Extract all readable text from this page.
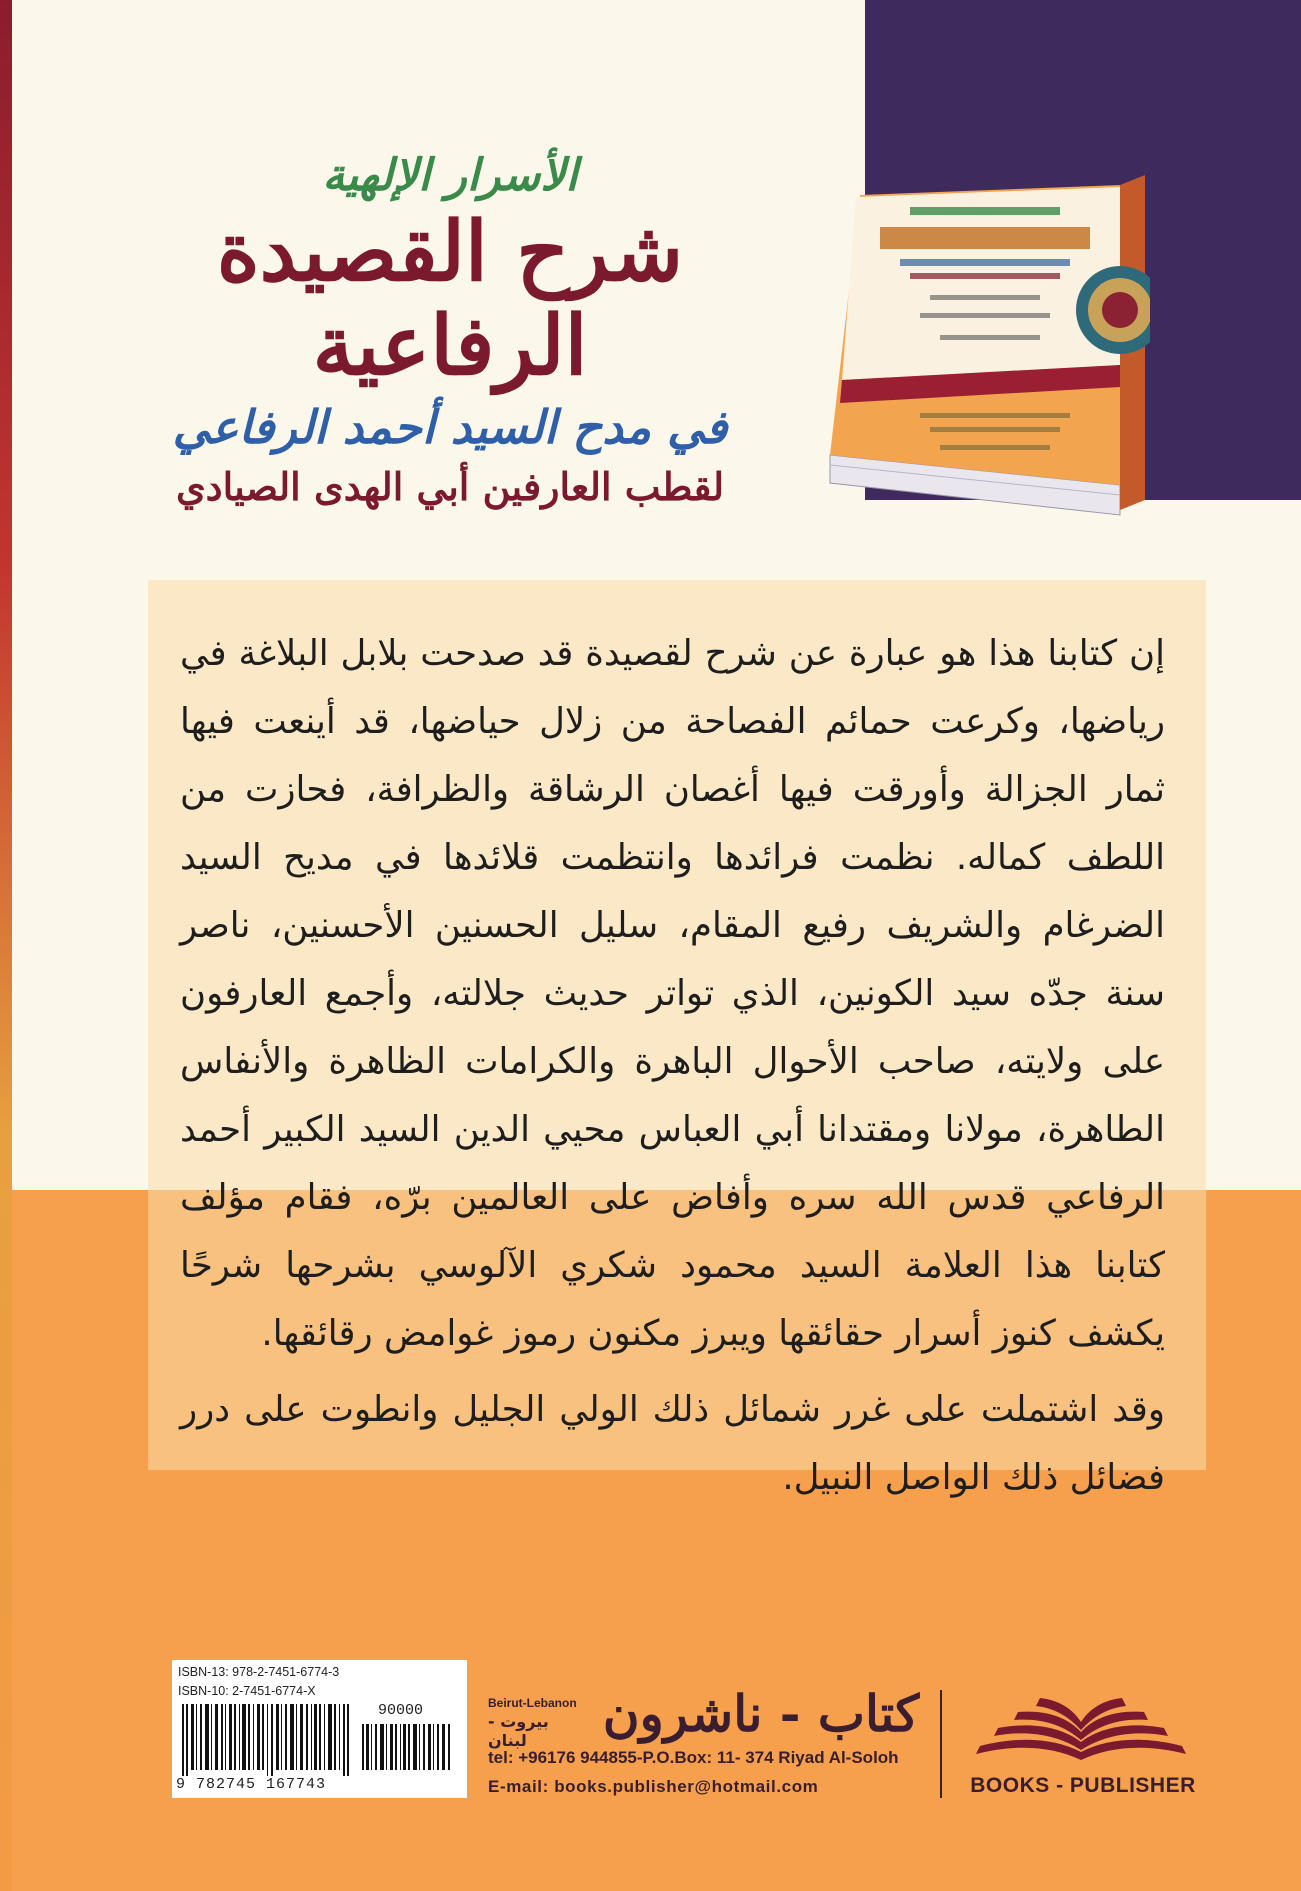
الأسرار الإلهية
شرح القصيدة الرفاعية
في مدح السيد أحمد الرفاعي
لقطب العارفين أبي الهدى الصيادي

إن كتابنا هذا هو عبارة عن شرح لقصيدة قد صدحت بلابل البلاغة في رياضها، وكرعت حمائم الفصاحة من زلال حياضها، قد أينعت فيها ثمار الجزالة وأورقت فيها أغصان الرشاقة والظرافة، فحازت من اللطف كماله. نظمت فرائدها وانتظمت قلائدها في مديح السيد الضرغام والشريف رفيع المقام، سليل الحسنين الأحسنين، ناصر سنة جدّه سيد الكونين، الذي تواتر حديث جلالته، وأجمع العارفون على ولايته، صاحب الأحوال الباهرة والكرامات الظاهرة والأنفاس الطاهرة، مولانا ومقتدانا أبي العباس محيي الدين السيد الكبير أحمد الرفاعي قدس الله سره وأفاض على العالمين برّه، فقام مؤلف كتابنا هذا العلامة السيد محمود شكري الآلوسي بشرحها شرحًا يكشف كنوز أسرار حقائقها ويبرز مكنون رموز غوامض رقائقها.

وقد اشتملت على غرر شمائل ذلك الولي الجليل وانطوت على درر فضائل ذلك الواصل النبيل.

ISBN-13: 978-2-7451-6774-3
ISBN-10: 2-7451-6774-X
90000
9 782745 167743
Beirut-Lebanon
بيروت - لبنان	كتاب - ناشرون
tel: +96176 944855-P.O.Box: 11- 374 Riyad Al-Soloh
E-mail: books.publisher@hotmail.com	BOOKS - PUBLISHER
